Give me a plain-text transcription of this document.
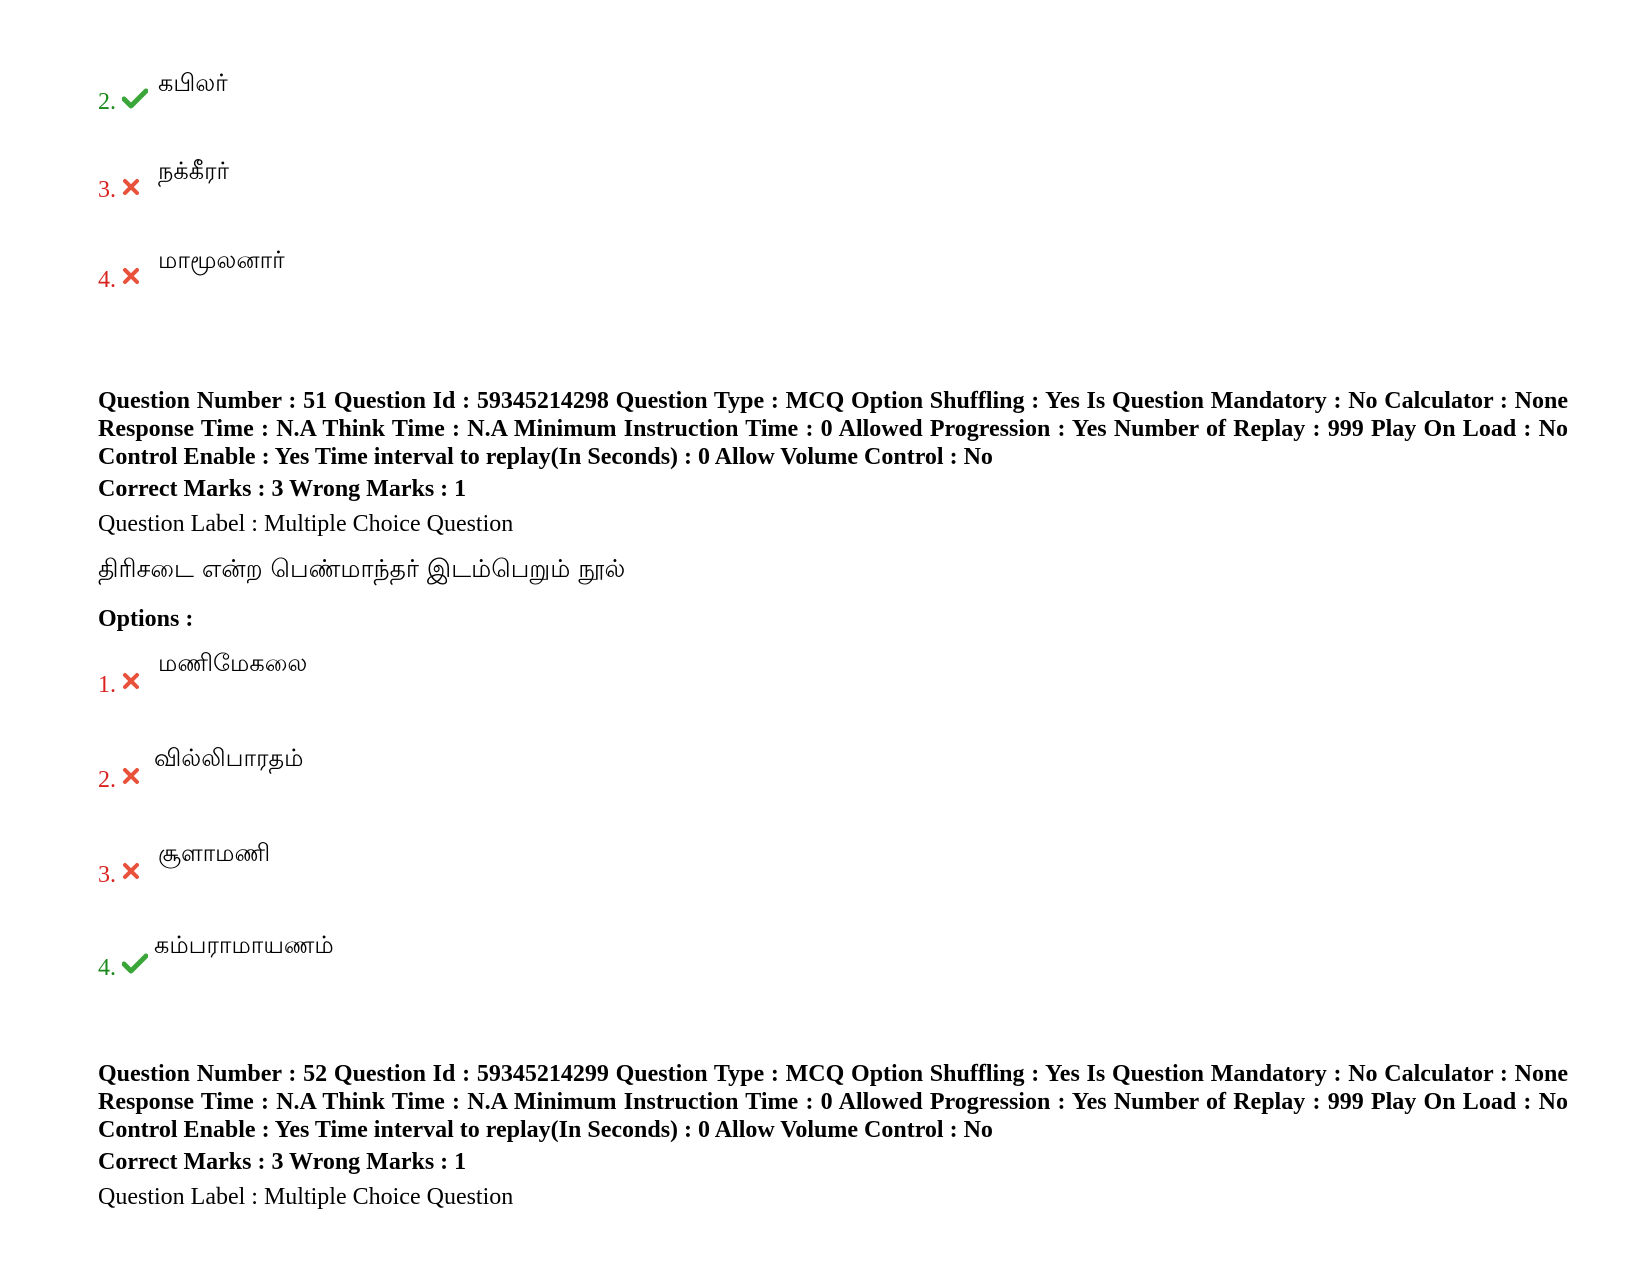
2.
கபிலர்
3.
நக்கீரர்
4.
மாமூலனார்
Question Number : 51 Question Id : 59345214298 Question Type : MCQ Option Shuffling : Yes Is Question Mandatory : No Calculator : None Response Time : N.A Think Time : N.A Minimum Instruction Time : 0 Allowed Progression : Yes Number of Replay : 999 Play On Load : No Control Enable : Yes Time interval to replay(In Seconds) : 0 Allow Volume Control : No
Correct Marks : 3 Wrong Marks : 1
Question Label : Multiple Choice Question
திரிசடை என்ற பெண்மாந்தர் இடம்பெறும் நூல்
Options :
1.
மணிமேகலை
2.
வில்லிபாரதம்
3.
சூளாமணி
4.
கம்பராமாயணம்
Question Number : 52 Question Id : 59345214299 Question Type : MCQ Option Shuffling : Yes Is Question Mandatory : No Calculator : None Response Time : N.A Think Time : N.A Minimum Instruction Time : 0 Allowed Progression : Yes Number of Replay : 999 Play On Load : No Control Enable : Yes Time interval to replay(In Seconds) : 0 Allow Volume Control : No
Correct Marks : 3 Wrong Marks : 1
Question Label : Multiple Choice Question
